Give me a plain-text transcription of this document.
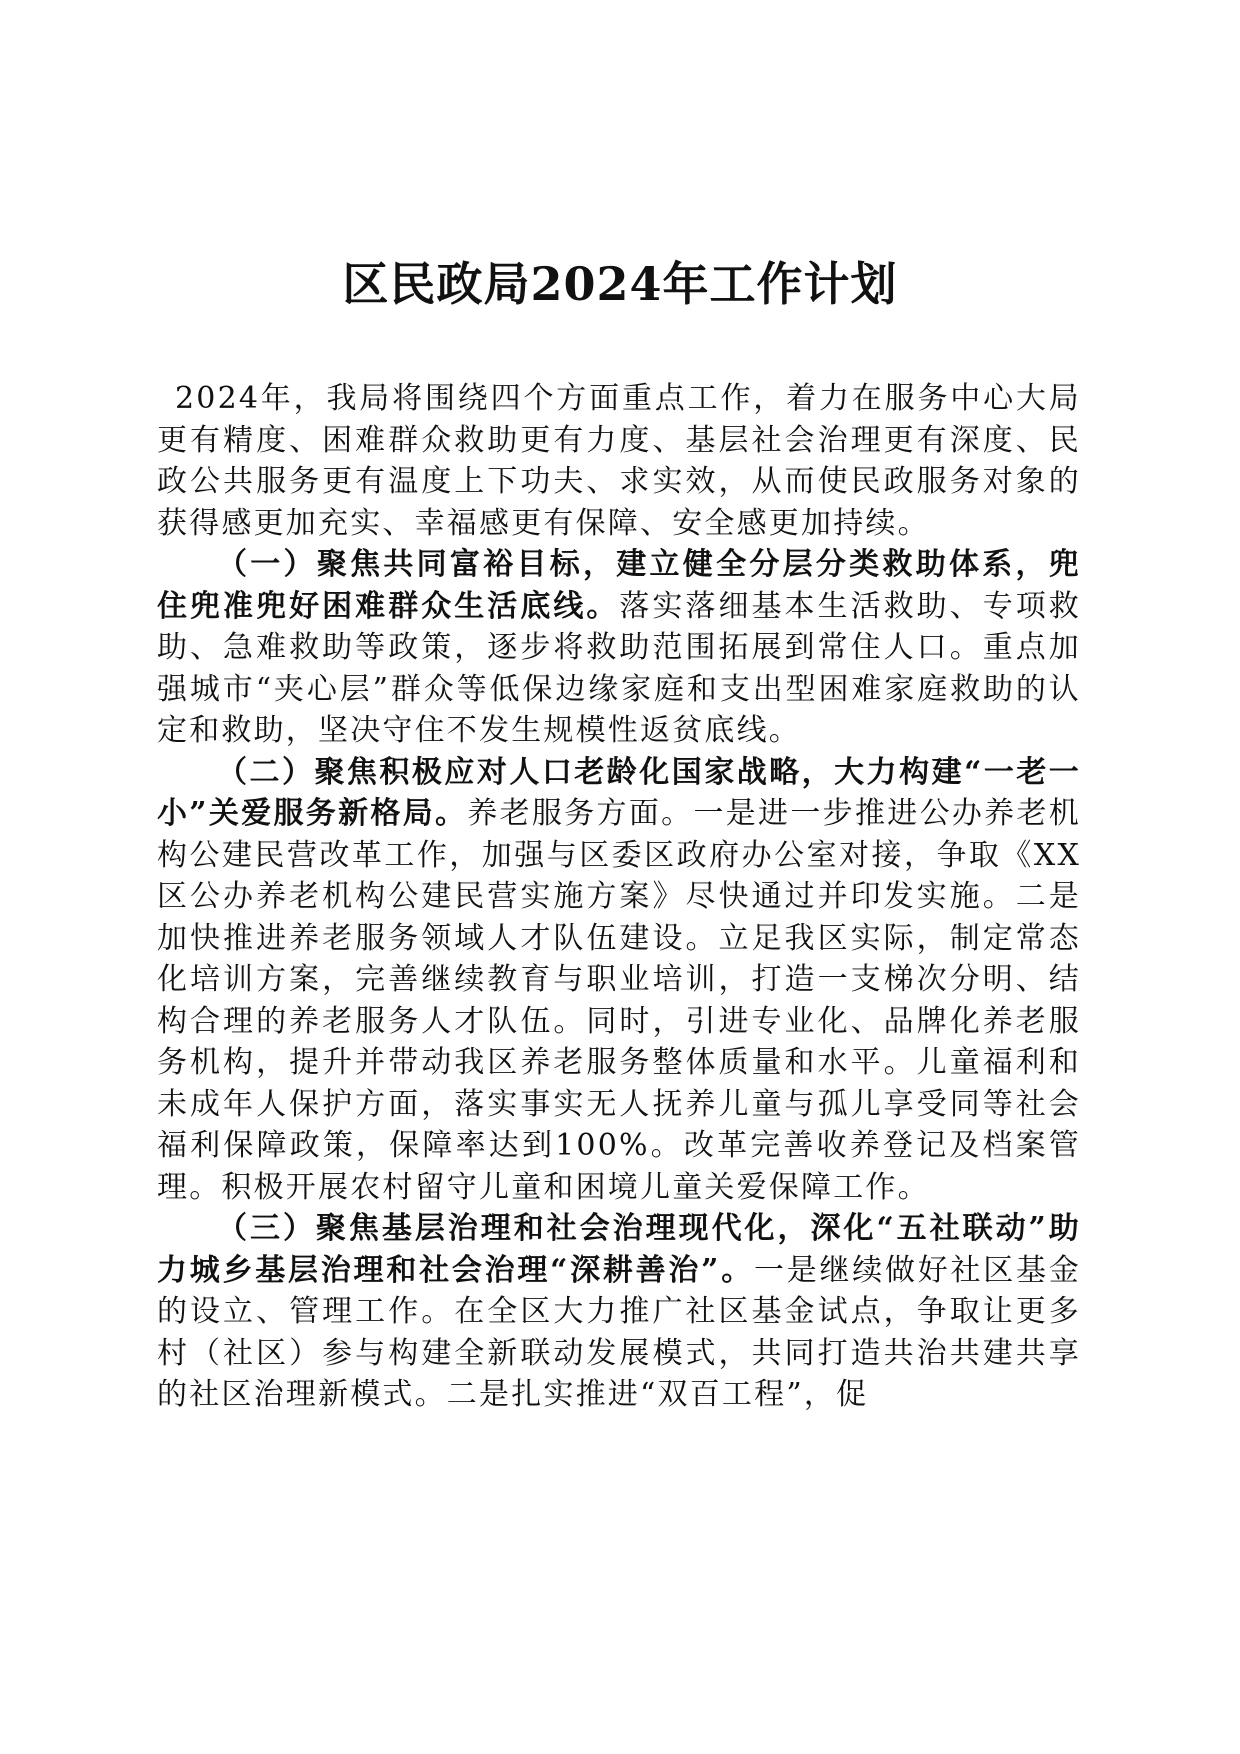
区民政局2024年工作计划

2024年，我局将围绕四个方面重点工作，着力在服务中心大局更有精度、困难群众救助更有力度、基层社会治理更有深度、民政公共服务更有温度上下功夫、求实效，从而使民政服务对象的获得感更加充实、幸福感更有保障、安全感更加持续。

（一）聚焦共同富裕目标，建立健全分层分类救助体系，兜住兜准兜好困难群众生活底线。落实落细基本生活救助、专项救助、急难救助等政策，逐步将救助范围拓展到常住人口。重点加强城市“夹心层”群众等低保边缘家庭和支出型困难家庭救助的认定和救助，坚决守住不发生规模性返贫底线。

（二）聚焦积极应对人口老龄化国家战略，大力构建“一老一小”关爱服务新格局。养老服务方面。一是进一步推进公办养老机构公建民营改革工作，加强与区委区政府办公室对接，争取《XX区公办养老机构公建民营实施方案》尽快通过并印发实施。二是加快推进养老服务领域人才队伍建设。立足我区实际，制定常态化培训方案，完善继续教育与职业培训，打造一支梯次分明、结构合理的养老服务人才队伍。同时，引进专业化、品牌化养老服务机构，提升并带动我区养老服务整体质量和水平。儿童福利和未成年人保护方面，落实事实无人抚养儿童与孤儿享受同等社会福利保障政策，保障率达到100%。改革完善收养登记及档案管理。积极开展农村留守儿童和困境儿童关爱保障工作。

（三）聚焦基层治理和社会治理现代化，深化“五社联动”助力城乡基层治理和社会治理“深耕善治”。一是继续做好社区基金的设立、管理工作。在全区大力推广社区基金试点，争取让更多村（社区）参与构建全新联动发展模式，共同打造共治共建共享的社区治理新模式。二是扎实推进“双百工程”，促
